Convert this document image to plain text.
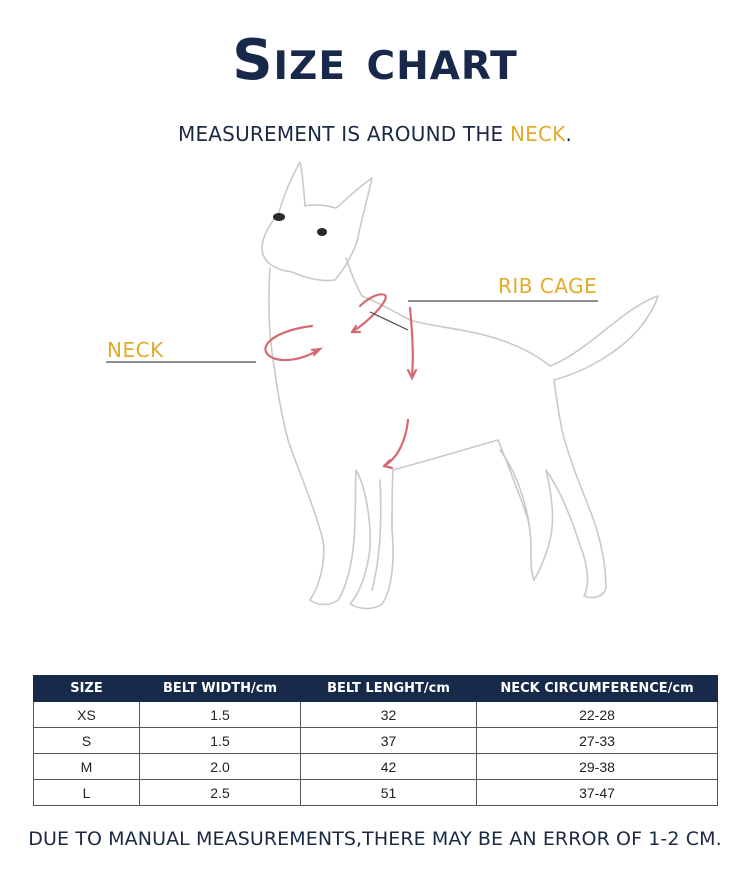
Size chart
MEASUREMENT IS AROUND THE NECK.
RIB CAGE
NECK
SIZE	BELT WIDTH/cm	BELT LENGHT/cm	NECK CIRCUMFERENCE/cm
XS	1.5	32	22-28
S	1.5	37	27-33
M	2.0	42	29-38
L	2.5	51	37-47
DUE TO MANUAL MEASUREMENTS,THERE MAY BE AN ERROR OF 1-2 CM.
